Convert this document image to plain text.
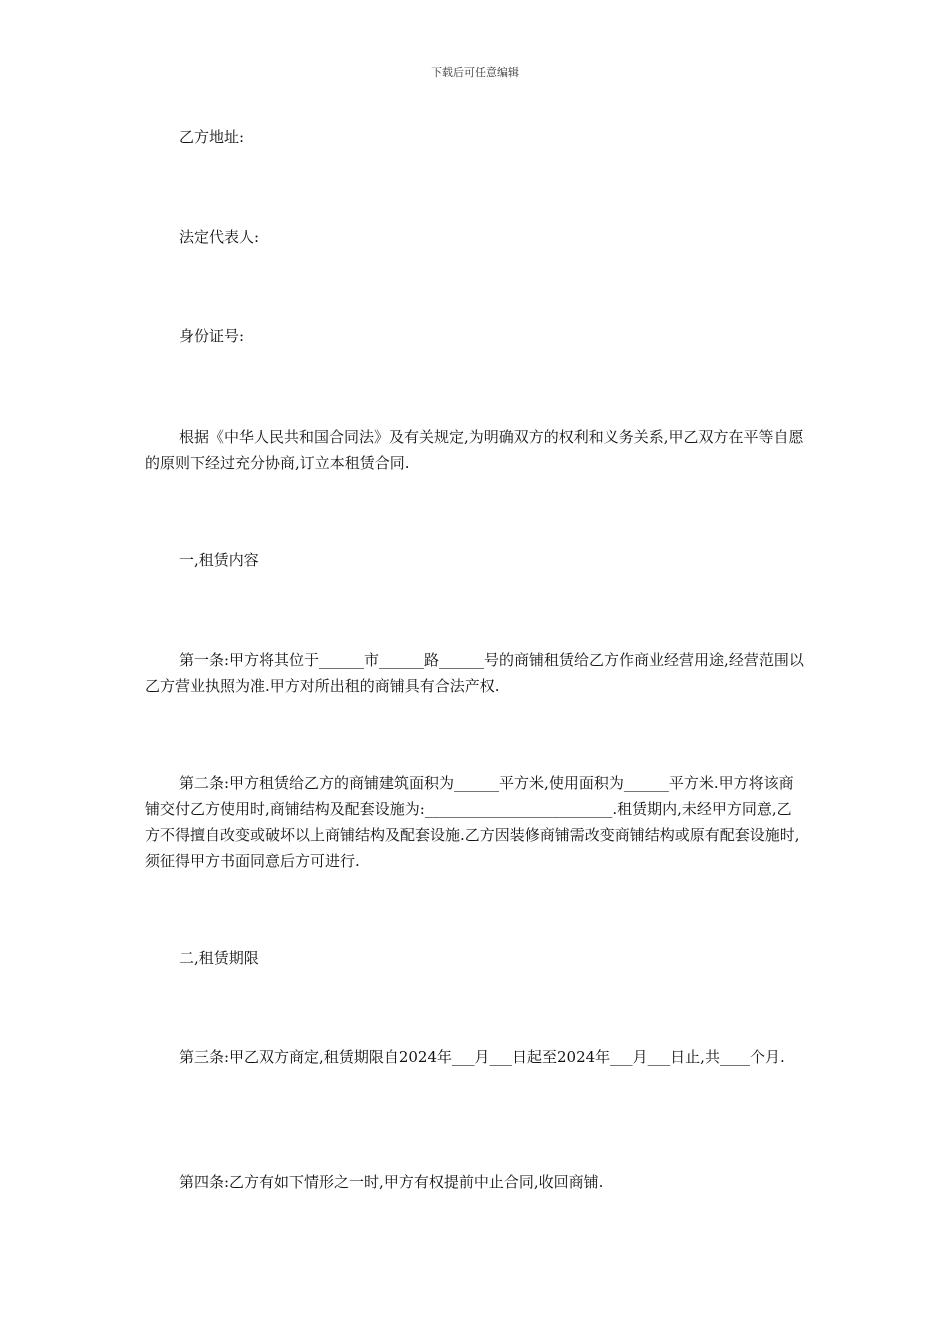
下载后可任意编辑

乙方地址:

法定代表人:

身份证号:

根据《中华人民共和国合同法》及有关规定,为明确双方的权利和义务关系,甲乙双方在平等自愿的原则下经过充分协商,订立本租赁合同.

一,租赁内容

第一条:甲方将其位于______市______路______号的商铺租赁给乙方作商业经营用途,经营范围以乙方营业执照为准.甲方对所出租的商铺具有合法产权.

第二条:甲方租赁给乙方的商铺建筑面积为______平方米,使用面积为______平方米.甲方将该商铺交付乙方使用时,商铺结构及配套设施为:_________________________.租赁期内,未经甲方同意,乙方不得擅自改变或破坏以上商铺结构及配套设施.乙方因装修商铺需改变商铺结构或原有配套设施时,须征得甲方书面同意后方可进行.

二,租赁期限

第三条:甲乙双方商定,租赁期限自2024年___月___日起至2024年___月___日止,共____个月.

第四条:乙方有如下情形之一时,甲方有权提前中止合同,收回商铺.
